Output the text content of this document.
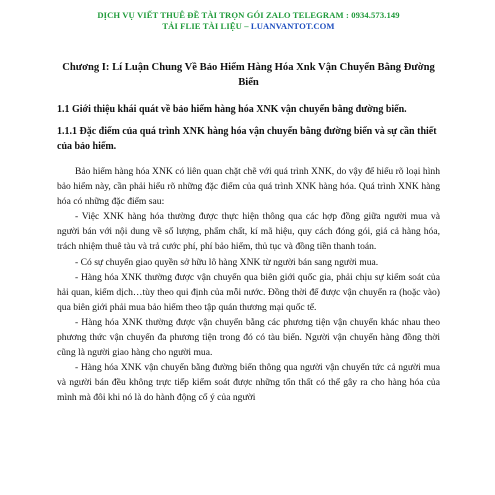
DỊCH VỤ VIẾT THUÊ ĐỀ TÀI TRỌN GÓI ZALO TELEGRAM : 0934.573.149
TẢI FLIE TÀI LIỆU – LUANVANTOT.COM
Chương I: Lí Luận Chung Về Bảo Hiểm Hàng Hóa Xnk Vận Chuyển Bằng Đường Biển
1.1 Giới thiệu khái quát về bảo hiểm hàng hóa XNK vận chuyển bằng đường biển.
1.1.1 Đặc điểm của quá trình XNK hàng hóa vận chuyển bằng đường biển và sự cần thiết của bảo hiểm.
Bảo hiểm hàng hóa XNK có liên quan chặt chẽ với quá trình XNK, do vậy để hiểu rõ loại hình bảo hiểm này, cần phải hiểu rõ những đặc điểm của quá trình XNK hàng hóa. Quá trình XNK hàng hóa có những đặc điểm sau:
- Việc XNK hàng hóa thường được thực hiện thông qua các hợp đồng giữa người mua và người bán với nội dung về số lượng, phẩm chất, kí mã hiệu, quy cách đóng gói, giá cả hàng hóa, trách nhiệm thuê tàu và trả cước phí, phí bảo hiểm, thủ tục và đồng tiền thanh toán.
- Có sự chuyển giao quyền sở hữu lô hàng XNK từ người bán sang người mua.
- Hàng hóa XNK thường được vận chuyển qua biên giới quốc gia, phải chịu sự kiểm soát của hải quan, kiểm dịch…tùy theo qui định của mỗi nước. Đồng thời để được vận chuyển ra (hoặc vào) qua biên giới phải mua bảo hiểm theo tập quán thương mại quốc tế.
- Hàng hóa XNK thường được vận chuyển bằng các phương tiện vận chuyển khác nhau theo phương thức vận chuyển đa phương tiện trong đó có tàu biển. Người vận chuyển hàng đồng thời cũng là người giao hàng cho người mua.
- Hàng hóa XNK vận chuyển bằng đường biển thông qua người vận chuyển tức cả người mua và người bán đều không trực tiếp kiểm soát được những tổn thất có thể gây ra cho hàng hóa của mình mà đôi khi nó là do hành động cố ý của người
